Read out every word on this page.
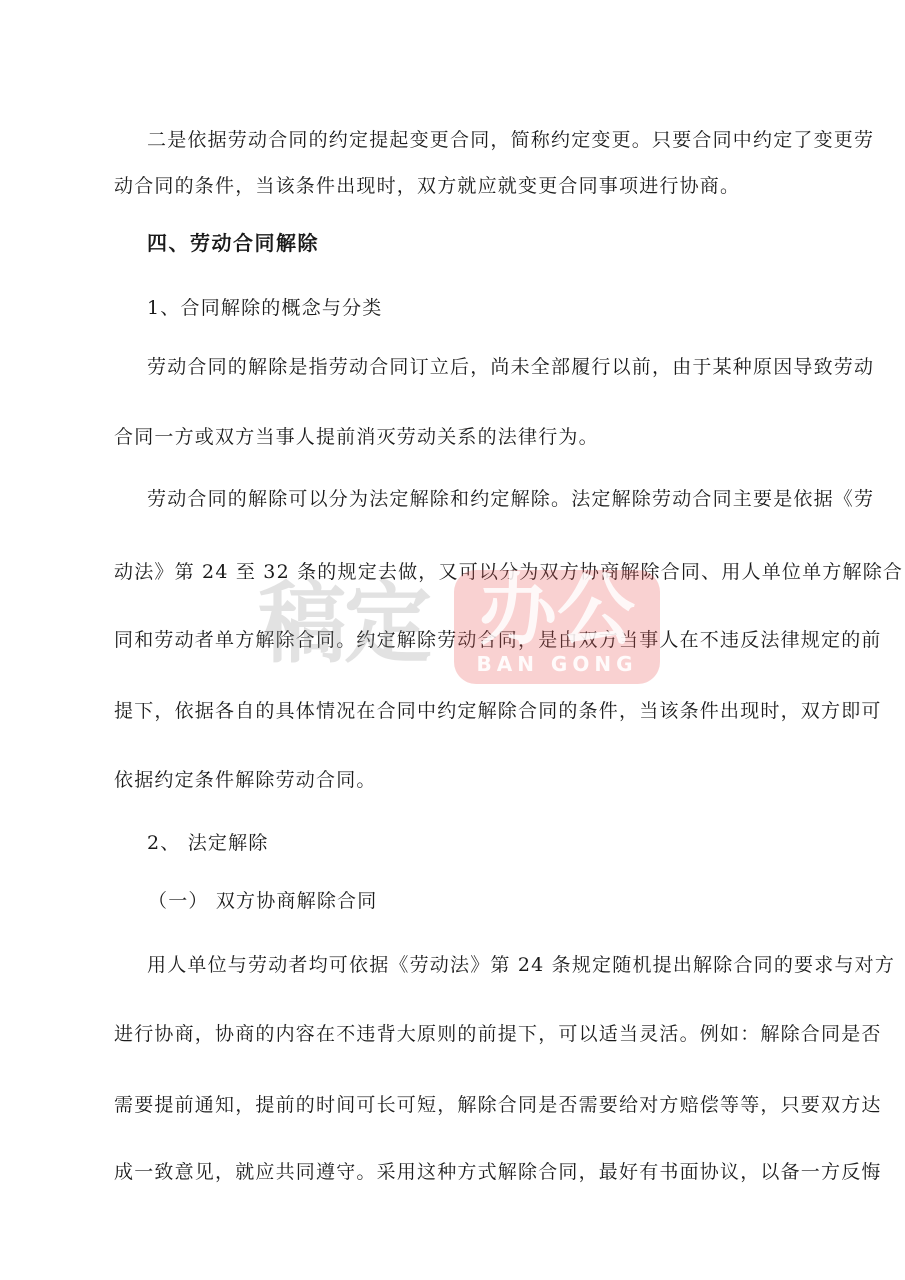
二是依据劳动合同的约定提起变更合同，简称约定变更。只要合同中约定了变更劳
动合同的条件，当该条件出现时，双方就应就变更合同事项进行协商。
四、劳动合同解除
1、合同解除的概念与分类
劳动合同的解除是指劳动合同订立后，尚未全部履行以前，由于某种原因导致劳动
合同一方或双方当事人提前消灭劳动关系的法律行为。
劳动合同的解除可以分为法定解除和约定解除。法定解除劳动合同主要是依据《劳
动法》第 24 至 32 条的规定去做，又可以分为双方协商解除合同、用人单位单方解除合
同和劳动者单方解除合同。约定解除劳动合同，是由双方当事人在不违反法律规定的前
提下，依据各自的具体情况在合同中约定解除合同的条件，当该条件出现时，双方即可
依据约定条件解除劳动合同。
2、 法定解除
（一） 双方协商解除合同
用人单位与劳动者均可依据《劳动法》第 24 条规定随机提出解除合同的要求与对方
进行协商，协商的内容在不违背大原则的前提下，可以适当灵活。例如：解除合同是否
需要提前通知，提前的时间可长可短，解除合同是否需要给对方赔偿等等，只要双方达
成一致意见，就应共同遵守。采用这种方式解除合同，最好有书面协议，以备一方反悔
稿定 办公
BAN GONG
